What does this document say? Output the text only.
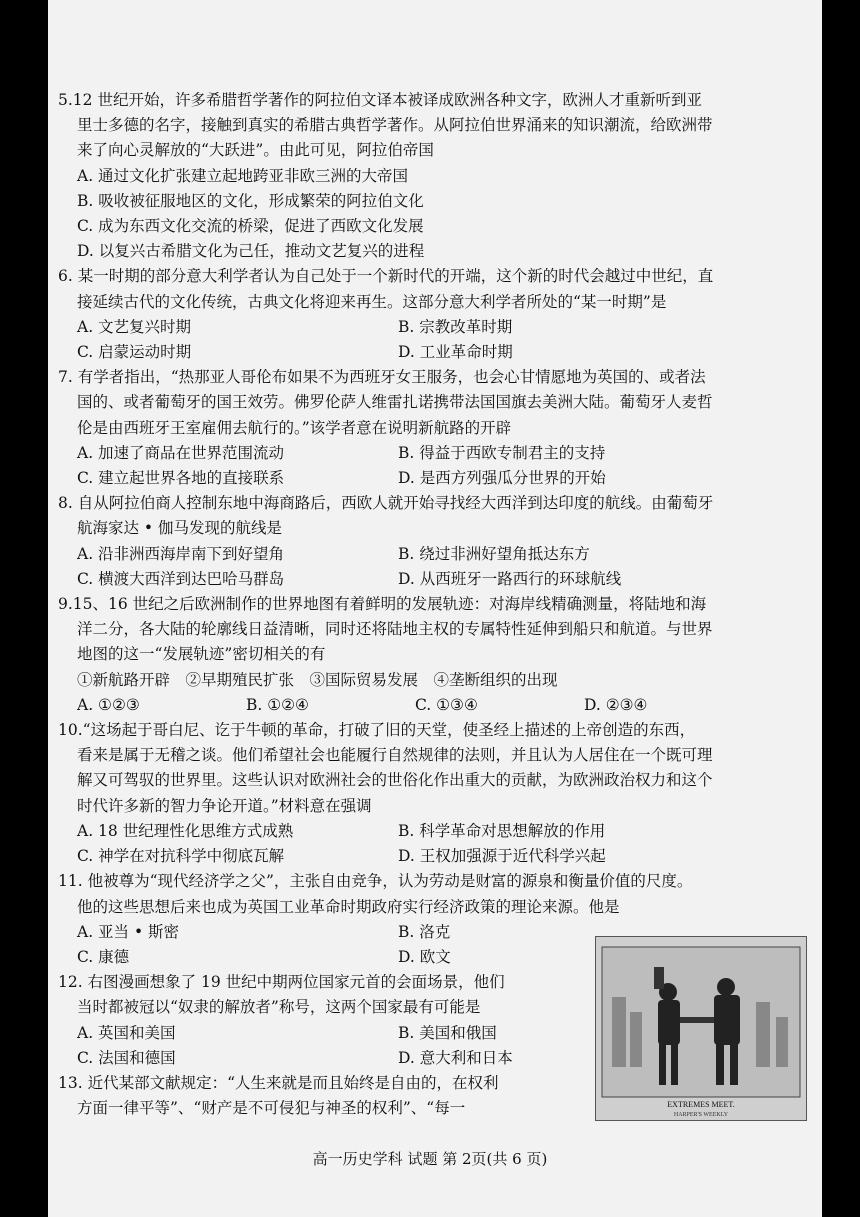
5.12 世纪开始，许多希腊哲学著作的阿拉伯文译本被译成欧洲各种文字，欧洲人才重新听到亚
里士多德的名字，接触到真实的希腊古典哲学著作。从阿拉伯世界涌来的知识潮流，给欧洲带
来了向心灵解放的“大跃进”。由此可见，阿拉伯帝国
A. 通过文化扩张建立起地跨亚非欧三洲的大帝国
B. 吸收被征服地区的文化，形成繁荣的阿拉伯文化
C. 成为东西文化交流的桥梁，促进了西欧文化发展
D. 以复兴古希腊文化为己任，推动文艺复兴的进程
6. 某一时期的部分意大利学者认为自己处于一个新时代的开端，这个新的时代会越过中世纪，直
接延续古代的文化传统，古典文化将迎来再生。这部分意大利学者所处的“某一时期”是
A. 文艺复兴时期	B. 宗教改革时期
C. 启蒙运动时期	D. 工业革命时期
7. 有学者指出，“热那亚人哥伦布如果不为西班牙女王服务，也会心甘情愿地为英国的、或者法
国的、或者葡萄牙的国王效劳。佛罗伦萨人维雷扎诺携带法国国旗去美洲大陆。葡萄牙人麦哲
伦是由西班牙王室雇佣去航行的。”该学者意在说明新航路的开辟
A. 加速了商品在世界范围流动	B. 得益于西欧专制君主的支持
C. 建立起世界各地的直接联系	D. 是西方列强瓜分世界的开始
8. 自从阿拉伯商人控制东地中海商路后，西欧人就开始寻找经大西洋到达印度的航线。由葡萄牙
航海家达 • 伽马发现的航线是
A. 沿非洲西海岸南下到好望角	B. 绕过非洲好望角抵达东方
C. 横渡大西洋到达巴哈马群岛	D. 从西班牙一路西行的环球航线
9.15、16 世纪之后欧洲制作的世界地图有着鲜明的发展轨迹：对海岸线精确测量，将陆地和海
洋二分，各大陆的轮廓线日益清晰，同时还将陆地主权的专属特性延伸到船只和航道。与世界
地图的这一“发展轨迹”密切相关的有
①新航路开辟　②早期殖民扩张　③国际贸易发展　④垄断组织的出现
A. ①②③	B. ①②④	C. ①③④	D. ②③④
10.“这场起于哥白尼、讫于牛顿的革命，打破了旧的天堂，使圣经上描述的上帝创造的东西，
看来是属于无稽之谈。他们希望社会也能履行自然规律的法则，并且认为人居住在一个既可理
解又可驾驭的世界里。这些认识对欧洲社会的世俗化作出重大的贡献，为欧洲政治权力和这个
时代许多新的智力争论开道。”材料意在强调
A. 18 世纪理性化思维方式成熟	B. 科学革命对思想解放的作用
C. 神学在对抗科学中彻底瓦解	D. 王权加强源于近代科学兴起
11. 他被尊为“现代经济学之父”，主张自由竞争，认为劳动是财富的源泉和衡量价值的尺度。
他的这些思想后来也成为英国工业革命时期政府实行经济政策的理论来源。他是
A. 亚当 • 斯密	B. 洛克
C. 康德	D. 欧文
12. 右图漫画想象了 19 世纪中期两位国家元首的会面场景，他们
当时都被冠以“奴隶的解放者”称号，这两个国家最有可能是
A. 英国和美国	B. 美国和俄国
C. 法国和德国	D. 意大利和日本
13. 近代某部文献规定：“人生来就是而且始终是自由的，在权利
方面一律平等”、“财产是不可侵犯与神圣的权利”、“每一	EXTREMES MEET.
HARPER'S WEEKLY
高一历史学科 试题 第 2页(共 6 页)
